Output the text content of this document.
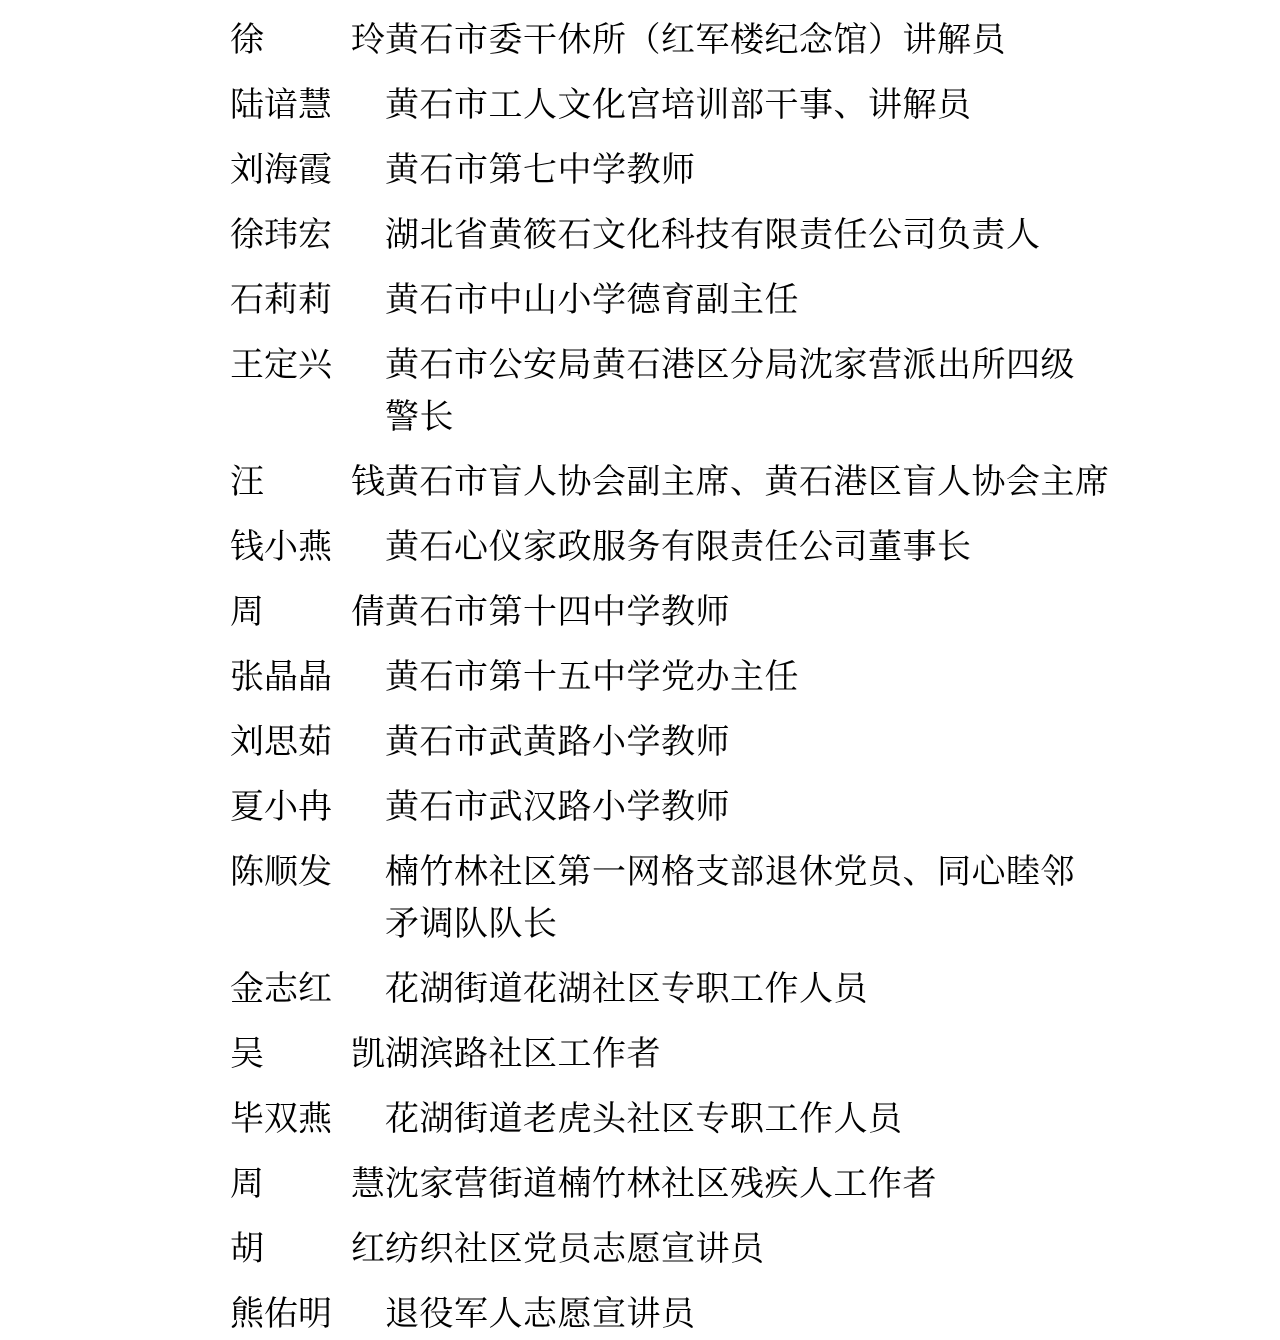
徐  玲 黄石市委干休所（红军楼纪念馆）讲解员
陆谙慧	黄石市工人文化宫培训部干事、讲解员
刘海霞	黄石市第七中学教师
徐玮宏	湖北省黄筱石文化科技有限责任公司负责人
石莉莉	黄石市中山小学德育副主任
王定兴	黄石市公安局黄石港区分局沈家营派出所四级
警长
汪  钱 黄石市盲人协会副主席、黄石港区盲人协会主席
钱小燕	黄石心仪家政服务有限责任公司董事长
周  倩 黄石市第十四中学教师
张晶晶	黄石市第十五中学党办主任
刘思茹	黄石市武黄路小学教师
夏小冉	黄石市武汉路小学教师
陈顺发	楠竹林社区第一网格支部退休党员、同心睦邻
矛调队队长
金志红	花湖街道花湖社区专职工作人员
吴  凯 湖滨路社区工作者
毕双燕	花湖街道老虎头社区专职工作人员
周  慧 沈家营街道楠竹林社区残疾人工作者
胡  红 纺织社区党员志愿宣讲员
熊佑明	退役军人志愿宣讲员
